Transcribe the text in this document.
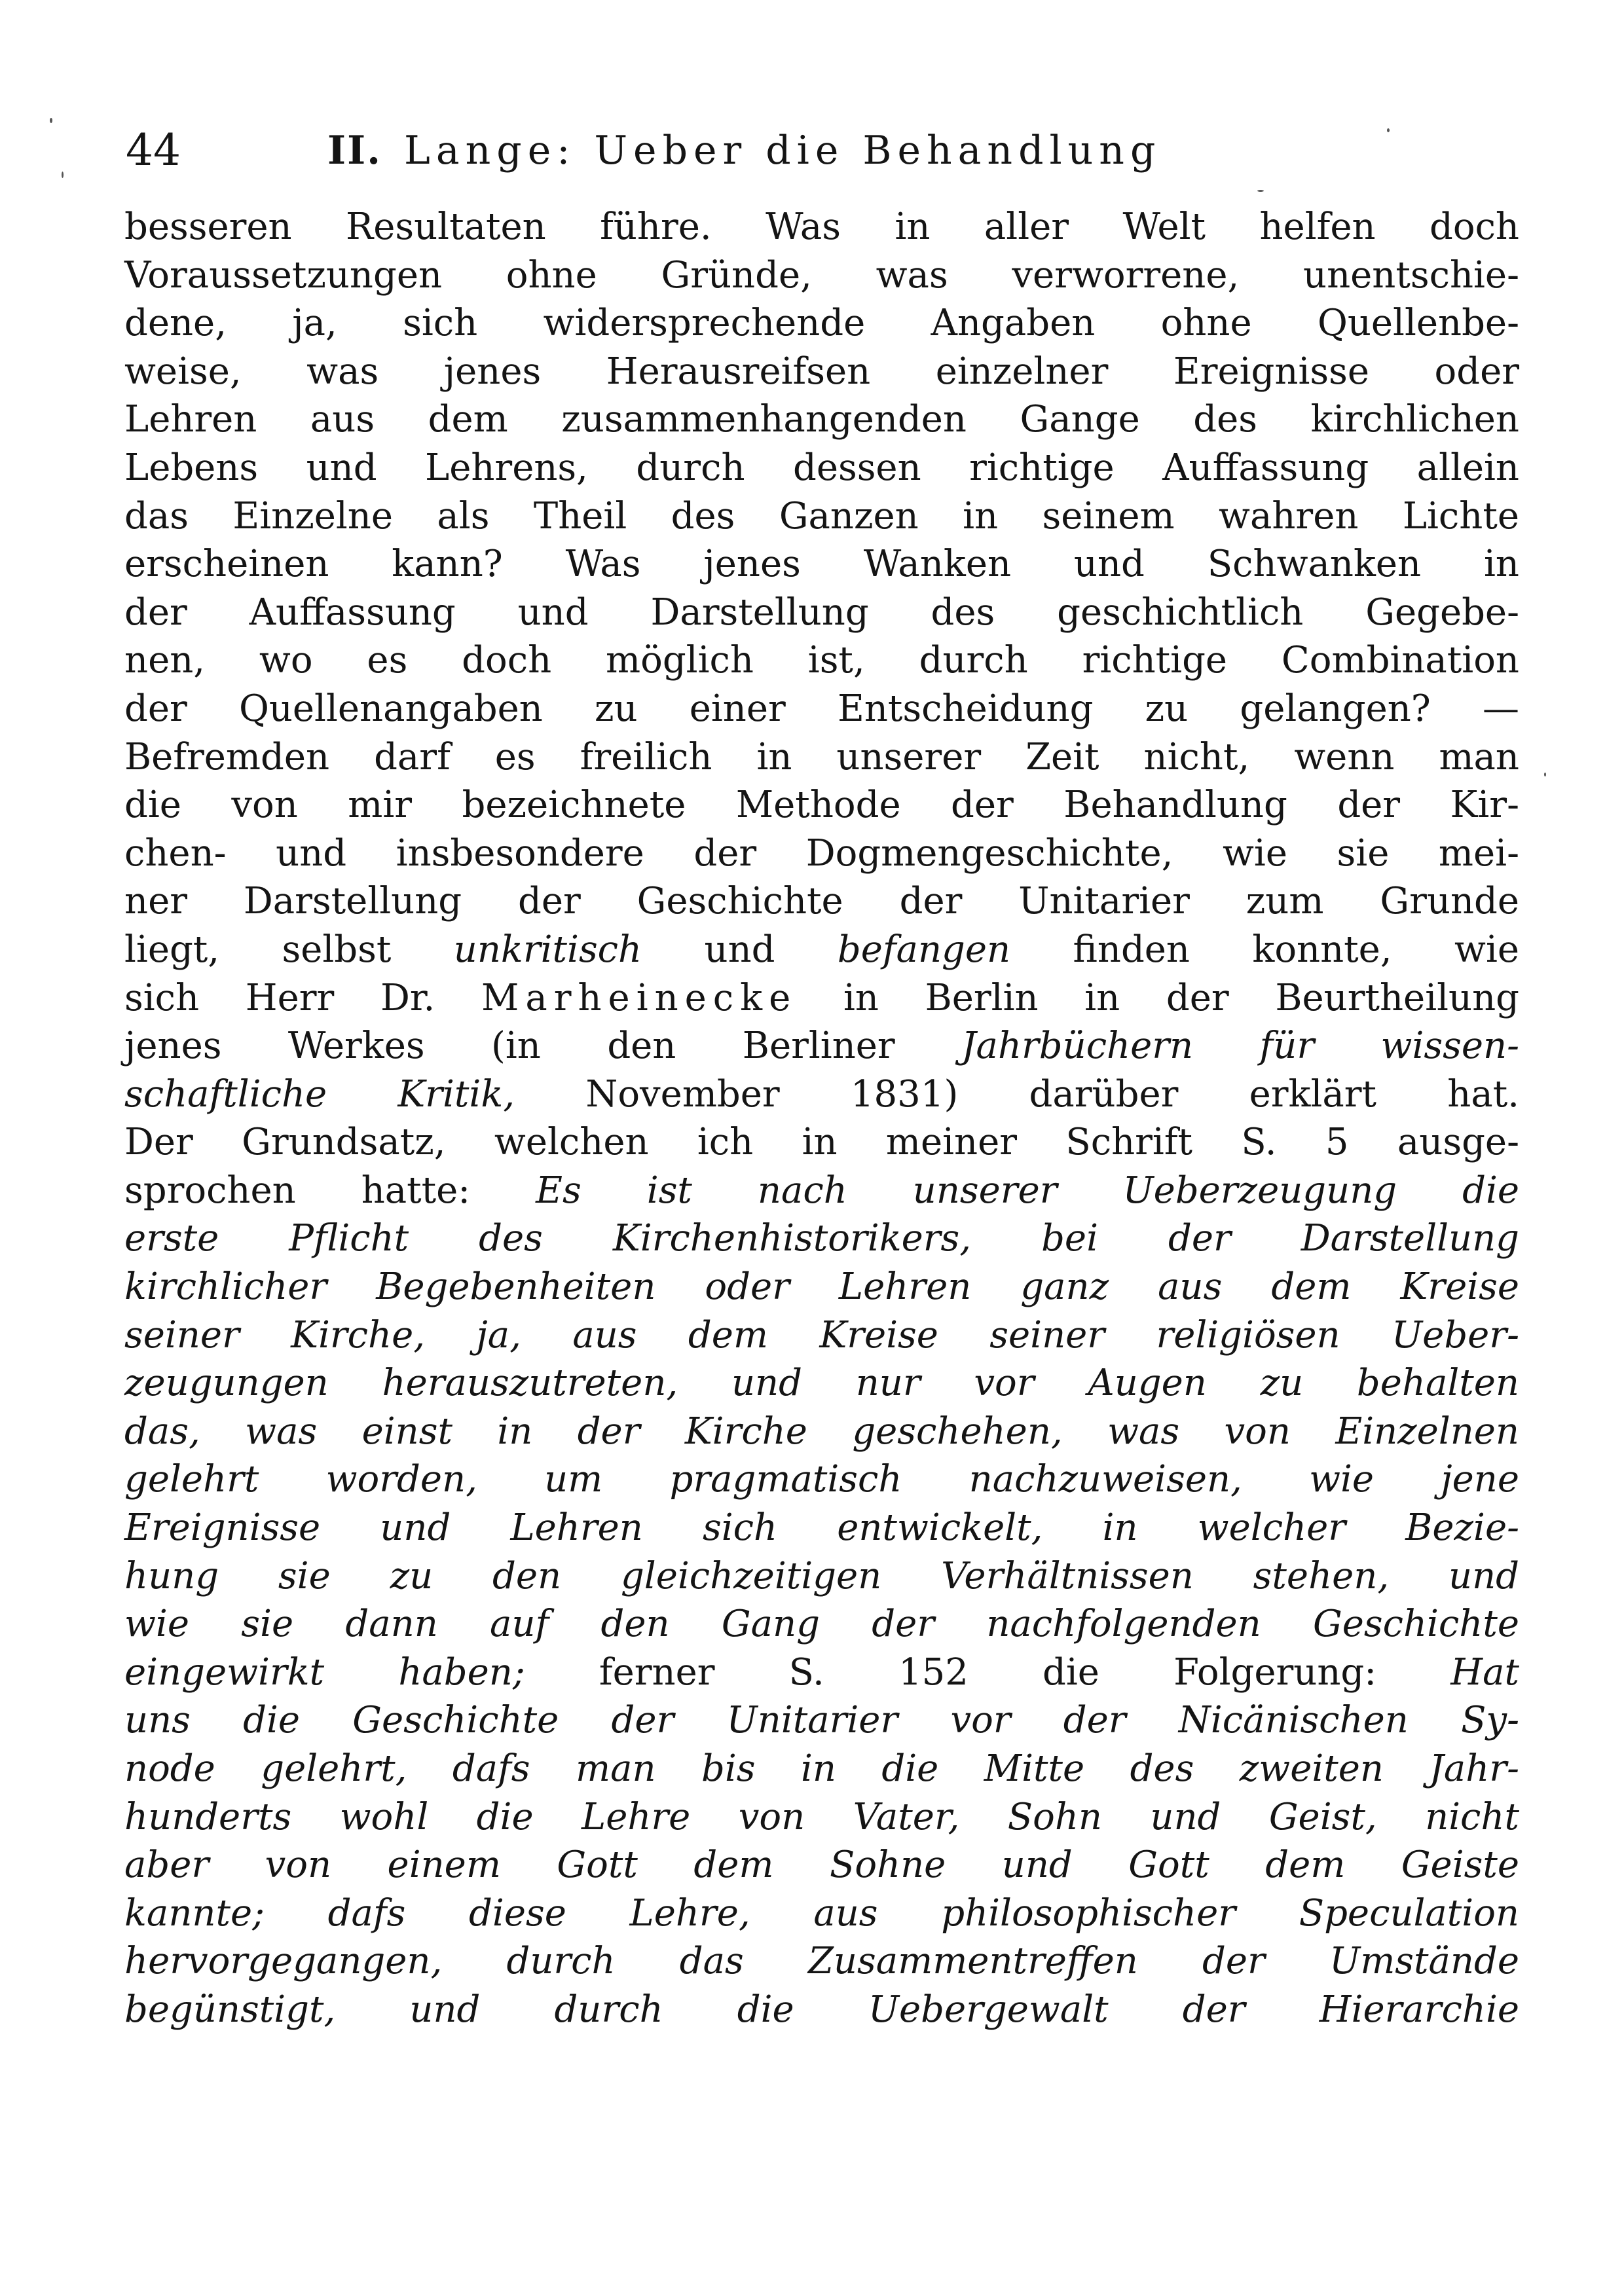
44	II. Lange: Ueber die Behandlung
besseren Resultaten führe. Was in aller Welt helfen doch
Voraussetzungen ohne Gründe, was verworrene, unentschie-
dene, ja, sich widersprechende Angaben ohne Quellenbe-
weise, was jenes Herausreifsen einzelner Ereignisse oder
Lehren aus dem zusammenhangenden Gange des kirchlichen
Lebens und Lehrens, durch dessen richtige Auffassung allein
das Einzelne als Theil des Ganzen in seinem wahren Lichte
erscheinen kann? Was jenes Wanken und Schwanken in
der Auffassung und Darstellung des geschichtlich Gegebe-
nen, wo es doch möglich ist, durch richtige Combination
der Quellenangaben zu einer Entscheidung zu gelangen? —
Befremden darf es freilich in unserer Zeit nicht, wenn man
die von mir bezeichnete Methode der Behandlung der Kir-
chen- und insbesondere der Dogmengeschichte, wie sie mei-
ner Darstellung der Geschichte der Unitarier zum Grunde
liegt, selbst unkritisch und befangen finden konnte, wie
sich Herr Dr. Marheinecke in Berlin in der Beurtheilung
jenes Werkes (in den Berliner Jahrbüchern für wissen-
schaftliche Kritik, November 1831) darüber erklärt hat.
Der Grundsatz, welchen ich in meiner Schrift S. 5 ausge-
sprochen hatte: Es ist nach unserer Ueberzeugung die
erste Pflicht des Kirchenhistorikers, bei der Darstellung
kirchlicher Begebenheiten oder Lehren ganz aus dem Kreise
seiner Kirche, ja, aus dem Kreise seiner religiösen Ueber-
zeugungen herauszutreten, und nur vor Augen zu behalten
das, was einst in der Kirche geschehen, was von Einzelnen
gelehrt worden, um pragmatisch nachzuweisen, wie jene
Ereignisse und Lehren sich entwickelt, in welcher Bezie-
hung sie zu den gleichzeitigen Verhältnissen stehen, und
wie sie dann auf den Gang der nachfolgenden Geschichte
eingewirkt haben; ferner S. 152 die Folgerung: Hat
uns die Geschichte der Unitarier vor der Nicänischen Sy-
node gelehrt, dafs man bis in die Mitte des zweiten Jahr-
hunderts wohl die Lehre von Vater, Sohn und Geist, nicht
aber von einem Gott dem Sohne und Gott dem Geiste
kannte; dafs diese Lehre, aus philosophischer Speculation
hervorgegangen, durch das Zusammentreffen der Umstände
begünstigt, und durch die Uebergewalt der Hierarchie
